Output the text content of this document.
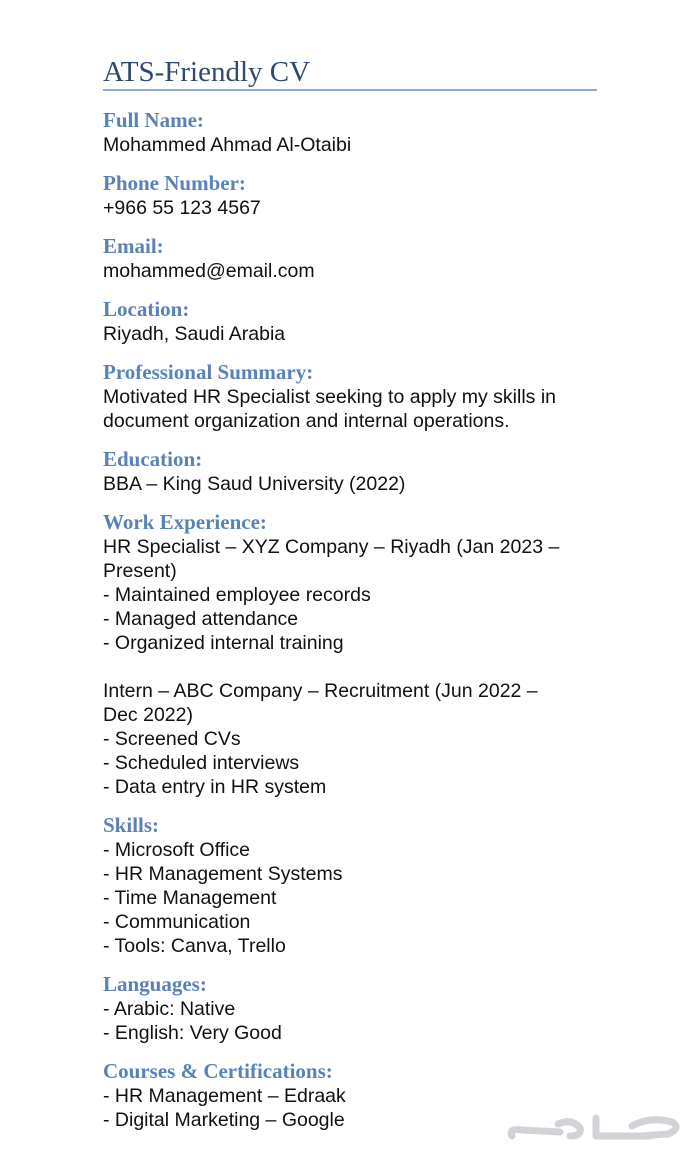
ATS-Friendly CV
Full Name:
Mohammed Ahmad Al-Otaibi
Phone Number:
+966 55 123 4567
Email:
mohammed@email.com
Location:
Riyadh, Saudi Arabia
Professional Summary:
Motivated HR Specialist seeking to apply my skills in document organization and internal operations.
Education:
BBA – King Saud University (2022)
Work Experience:
HR Specialist – XYZ Company – Riyadh (Jan 2023 –
Present)
- Maintained employee records
- Managed attendance
- Organized internal training
Intern – ABC Company – Recruitment (Jun 2022 –
Dec 2022)
- Screened CVs
- Scheduled interviews
- Data entry in HR system
Skills:
- Microsoft Office
- HR Management Systems
- Time Management
- Communication
- Tools: Canva, Trello
Languages:
- Arabic: Native
- English: Very Good
Courses & Certifications:
- HR Management – Edraak
- Digital Marketing – Google
